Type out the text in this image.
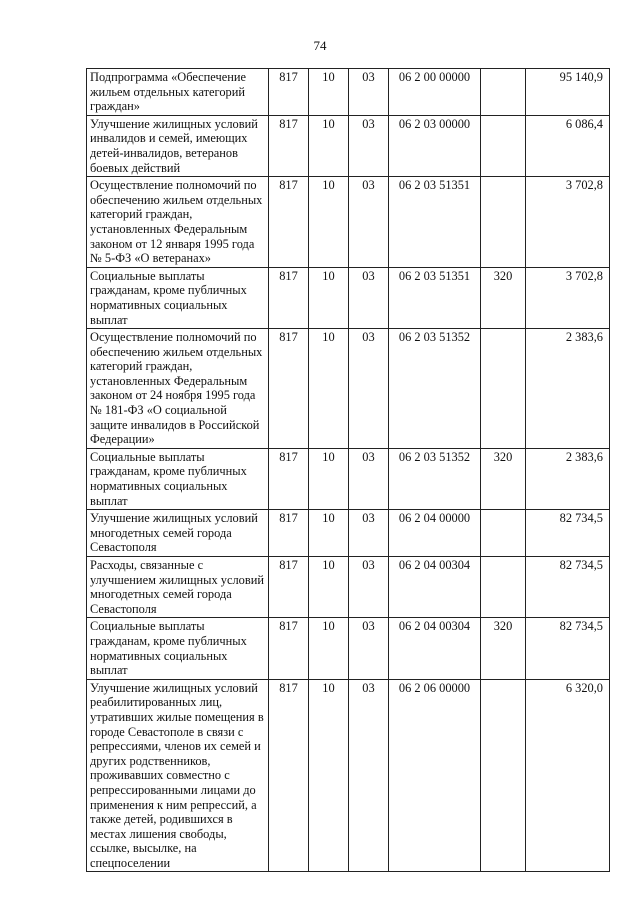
74
Подпрограмма «Обеспечение жильем отдельных категорий граждан»	817	10	03	06 2 00 00000		95 140,9
Улучшение жилищных условий инвалидов и семей, имеющих детей-инвалидов, ветеранов боевых действий	817	10	03	06 2 03 00000		6 086,4
Осуществление полномочий по обеспечению жильем отдельных категорий граждан, установленных Федеральным законом от 12 января 1995 года № 5-ФЗ «О ветеранах»	817	10	03	06 2 03 51351		3 702,8
Социальные выплаты гражданам, кроме публичных нормативных социальных выплат	817	10	03	06 2 03 51351	320	3 702,8
Осуществление полномочий по обеспечению жильем отдельных категорий граждан, установленных Федеральным законом от 24 ноября 1995 года № 181-ФЗ «О социальной защите инвалидов в Российской Федерации»	817	10	03	06 2 03 51352		2 383,6
Социальные выплаты гражданам, кроме публичных нормативных социальных выплат	817	10	03	06 2 03 51352	320	2 383,6
Улучшение жилищных условий многодетных семей города Севастополя	817	10	03	06 2 04 00000		82 734,5
Расходы, связанные с улучшением жилищных условий многодетных семей города Севастополя	817	10	03	06 2 04 00304		82 734,5
Социальные выплаты гражданам, кроме публичных нормативных социальных выплат	817	10	03	06 2 04 00304	320	82 734,5
Улучшение жилищных условий реабилитированных лиц, утративших жилые помещения в городе Севастополе в связи с репрессиями, членов их семей и других родственников, проживавших совместно с репрессированными лицами до применения к ним репрессий, а также детей, родившихся в местах лишения свободы, ссылке, высылке, на спецпоселении	817	10	03	06 2 06 00000		6 320,0
